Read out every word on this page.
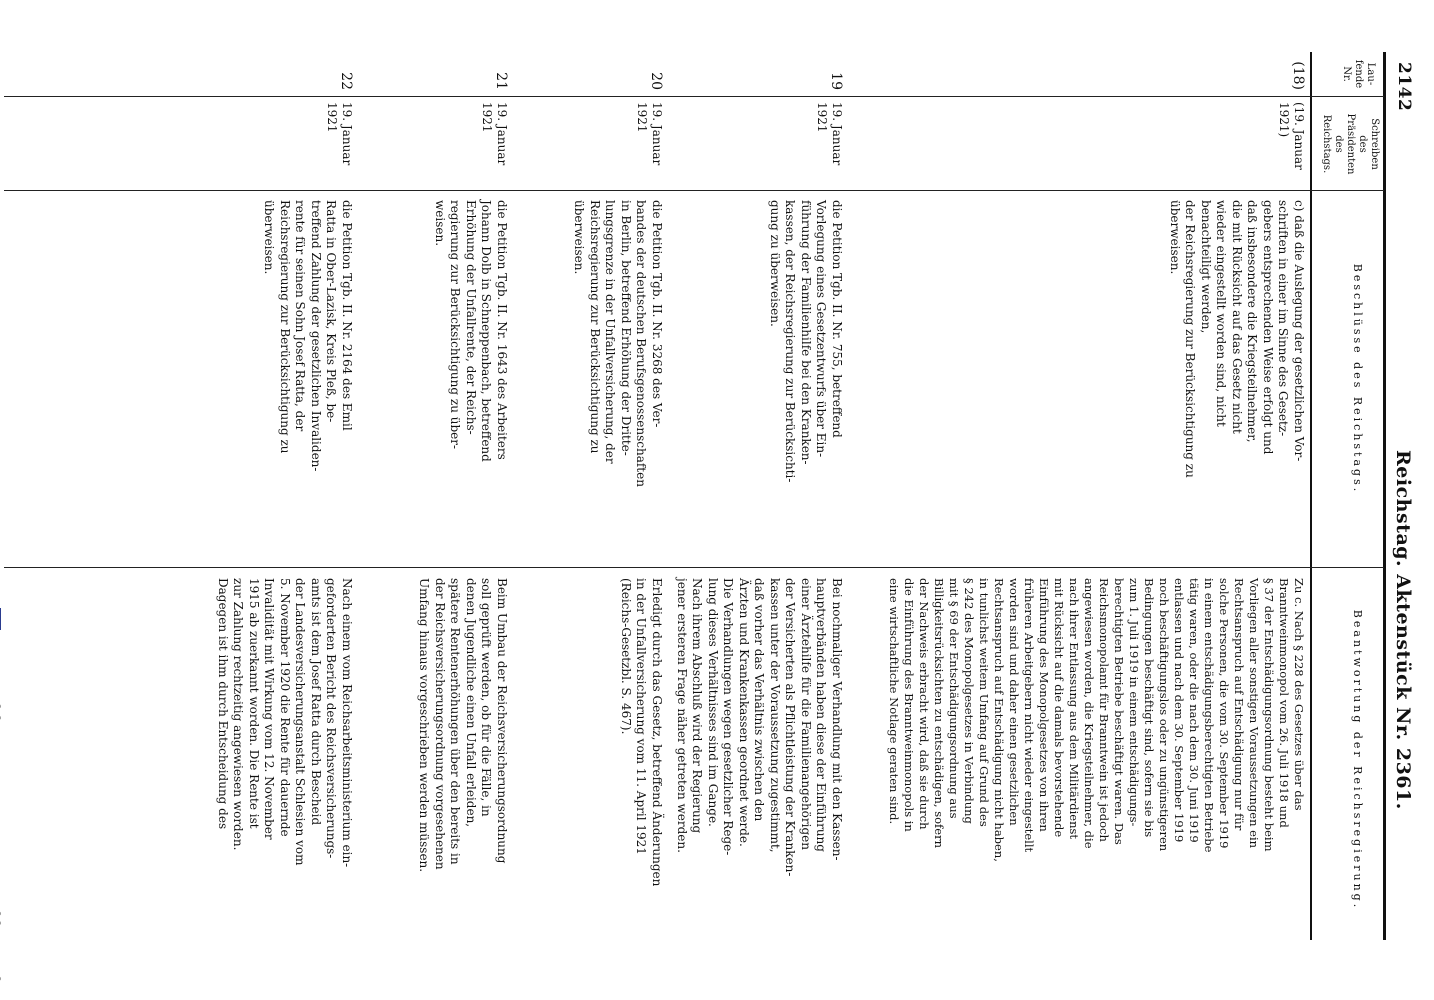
2142
Reichstag. Aktenstück Nr. 2361.
Lau-
fende
Nr.
Schreiben
des
Präsidenten
des
Reichstags.
Beschlüsse des Reichstags.
Beantwortung der Reichsregierung.
(18)
(19. Januar
1921)
c) daß die Auslegung der gesetzlichen Vor-
schriften in einer im Sinne des Gesetz-
gebers entsprechenden Weise erfolgt und
daß insbesondere die Kriegsteilnehmer,
die mit Rücksicht auf das Gesetz nicht
wieder eingestellt worden sind, nicht
benachteiligt werden,
der Reichsregierung zur Berücksichtigung zu
überweisen.
Zu c. Nach § 228 des Gesetzes über das
Branntweinmonopol vom 26. Juli 1918 und
§ 37 der Entschädigungsordnung besteht beim
Vorliegen aller sonstigen Voraussetzungen ein
Rechtsanspruch auf Entschädigung nur für
solche Personen, die vom 30. September 1919
in einem entschädigungsberechtigten Betriebe
tätig waren, oder die nach dem 30. Juni 1919
entlassen und nach dem 30. September 1919
noch beschäftigungslos oder zu ungünstigeren
Bedingungen beschäftigt sind, sofern sie bis
zum 1. Juli 1919 in einem entschädigungs-
berechtigten Betriebe beschäftigt waren. Das
Reichsmonopolamt für Branntwein ist jedoch
angewiesen worden, die Kriegsteilnehmer, die
nach ihrer Entlassung aus dem Militärdienst
mit Rücksicht auf die damals bevorstehende
Einführung des Monopolgesetzes von ihren
früheren Arbeitgebern nicht wieder eingestellt
worden sind und daher einen gesetzlichen
Rechtsanspruch auf Entschädigung nicht haben,
in tunlichst weitem Umfang auf Grund des
§ 242 des Monopolgesetzes in Verbindung
mit § 69 der Entschädigungsordnung aus
Billigkeitsrücksichten zu entschädigen, sofern
der Nachweis erbracht wird, daß sie durch
die Einführung des Branntweinmonopols in
eine wirtschaftliche Notlage geraten sind.
19
19. Januar
1921
die Petition Tgb. II. Nr. 755, betreffend
Vorlegung eines Gesetzentwurfs über Ein-
führung der Familienhilfe bei den Kranken-
kassen, der Reichsregierung zur Berücksichti-
gung zu überweisen.
Bei nochmaliger Verhandlung mit den Kassen-
hauptverbänden haben diese der Einführung
einer Ärztehilfe für die Familienangehörigen
der Versicherten als Pflichtleistung der Kranken-
kassen unter der Voraussetzung zugestimmt,
daß vorher das Verhältnis zwischen den
Ärzten und Krankenkassen geordnet werde.
Die Verhandlungen wegen gesetzlicher Rege-
lung dieses Verhältnisses sind im Gange.
Nach ihrem Abschluß wird der Regierung
jener ersteren Frage näher getreten werden.
20
19. Januar
1921
die Petition Tgb. II. Nr. 3268 des Ver-
bandes der deutschen Berufsgenossenschaften
in Berlin, betreffend Erhöhung der Dritte-
lungsgrenze in der Unfallversicherung, der
Reichsregierung zur Berücksichtigung zu
überweisen.
Erledigt durch das Gesetz, betreffend Änderungen
in der Unfallversicherung vom 11. April 1921
(Reichs-Gesetzbl. S. 467).
21
19. Januar
1921
die Petition Tgb. II. Nr. 1643 des Arbeiters
Johann Dolb in Schneppenbach, betreffend
Erhöhung der Unfallrente, der Reichs-
regierung zur Berücksichtigung zu über-
weisen.
Beim Umbau der Reichsversicherungsordnung
soll geprüft werden, ob für die Fälle, in
denen Jugendliche einen Unfall erleiden,
spätere Rentenerhöhungen über den bereits in
der Reichsversicherungsordnung vorgesehenen
Umfang hinaus vorgeschrieben werden müssen.
22
19. Januar
1921
die Petition Tgb. II. Nr. 2164 des Emil
Ratta in Ober-Lazisk, Kreis Pleß, be-
treffend Zahlung der gesetzlichen Invaliden-
rente für seinen Sohn Josef Ratta, der
Reichsregierung zur Berücksichtigung zu
überweisen.
Nach einem vom Reichsarbeitsministerium ein-
geforderten Bericht des Reichsversicherungs-
amts ist dem Josef Ratta durch Bescheid
der Landesversicherungsanstalt Schlesien vom
5. November 1920 die Rente für dauernde
Invalidität mit Wirkung vom 12. November
1915 ab zuerkannt worden. Die Rente ist
zur Zahlung rechtzeitig angewiesen worden.
Dagegen ist ihm durch Entscheidung des
